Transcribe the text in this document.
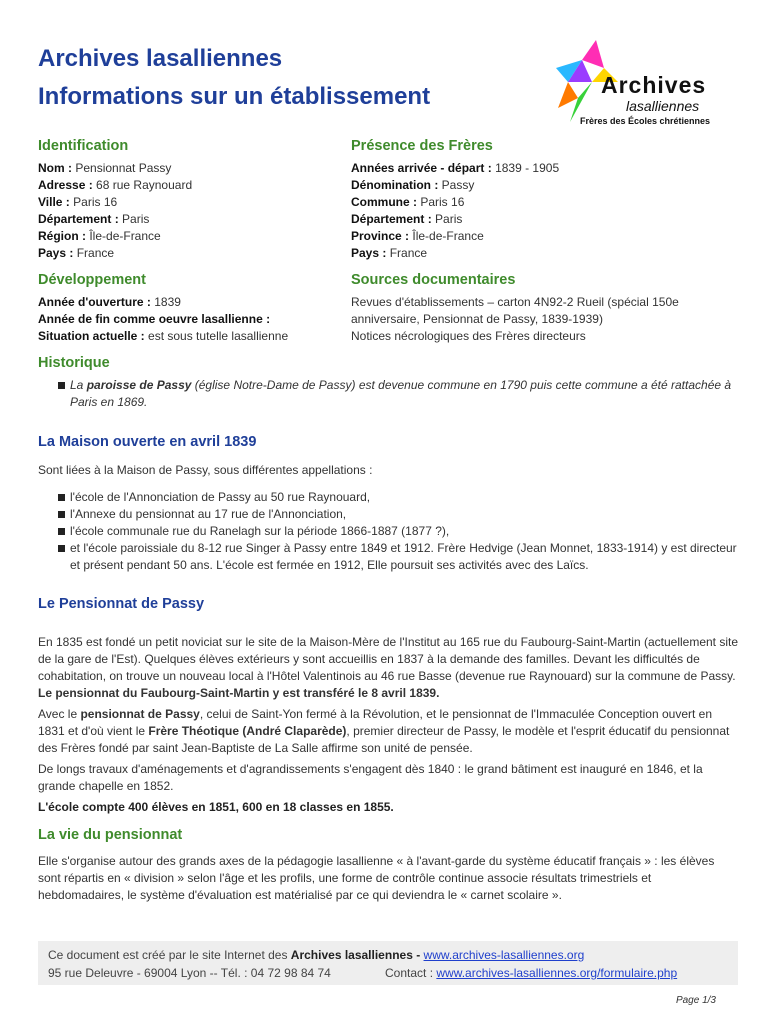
Archives lasalliennes
Informations sur un établissement	Archives
lasalliennes
Frères des Écoles chrétiennes
Identification
Nom : Pensionnat Passy
Adresse : 68 rue Raynouard
Ville : Paris 16
Département : Paris
Région : Île-de-France
Pays : France
Présence des Frères
Années arrivée - départ : 1839 - 1905
Dénomination : Passy
Commune : Paris 16
Département : Paris
Province : Île-de-France
Pays : France
Développement
Année d'ouverture : 1839
Année de fin comme oeuvre lasallienne :
Situation actuelle : est sous tutelle lasallienne
Sources documentaires

Revues d'établissements – carton 4N92-2 Rueil (spécial 150e

anniversaire, Pensionnat de Passy, 1839-1939)

Notices nécrologiques des Frères directeurs

Historique
La paroisse de Passy (église Notre-Dame de Passy) est devenue commune en 1790 puis cette commune a été rattachée à Paris en 1869.
La Maison ouverte en avril 1839

Sont liées à la Maison de Passy, sous différentes appellations :

l'école de l'Annonciation de Passy au 50 rue Raynouard,
l'Annexe du pensionnat au 17 rue de l'Annonciation,
l'école communale rue du Ranelagh sur la période 1866-1887 (1877 ?),
et l'école paroissiale du 8-12 rue Singer à Passy entre 1849 et 1912. Frère Hedvige (Jean Monnet, 1833-1914) y est directeur et présent pendant 50 ans. L'école est fermée en 1912, Elle poursuit ses activités avec des Laïcs.
Le Pensionnat de Passy

En 1835 est fondé un petit noviciat sur le site de la Maison-Mère de l'Institut au 165 rue du Faubourg-Saint-Martin (actuellement site de la gare de l'Est). Quelques élèves extérieurs y sont accueillis en 1837 à la demande des familles. Devant les difficultés de cohabitation, on trouve un nouveau local à l'Hôtel Valentinois au 46 rue Basse (devenue rue Raynouard) sur la commune de Passy. Le pensionnat du Faubourg-Saint-Martin y est transféré le 8 avril 1839.

Avec le pensionnat de Passy, celui de Saint-Yon fermé à la Révolution, et le pensionnat de l'Immaculée Conception ouvert en 1831 et d'où vient le Frère Théotique (André Claparède), premier directeur de Passy, le modèle et l'esprit éducatif du pensionnat des Frères fondé par saint Jean-Baptiste de La Salle affirme son unité de pensée.

De longs travaux d'aménagements et d'agrandissements s'engagent dès 1840 : le grand bâtiment est inauguré en 1846, et la grande chapelle en 1852.

L'école compte 400 élèves en 1851, 600 en 18 classes en 1855.

La vie du pensionnat

Elle s'organise autour des grands axes de la pédagogie lasallienne « à l'avant-garde du système éducatif français » : les élèves sont répartis en « division » selon l'âge et les profils, une forme de contrôle continue associe résultats trimestriels et hebdomadaires, le système d'évaluation est matérialisé par ce qui deviendra le « carnet scolaire ».

Ce document est créé par le site Internet des Archives lasalliennes - www.archives-lasalliennes.org
95 rue Deleuvre - 69004 Lyon -- Tél. : 04 72 98 84 74	Contact : www.archives-lasalliennes.org/formulaire.php
Page 1/3
